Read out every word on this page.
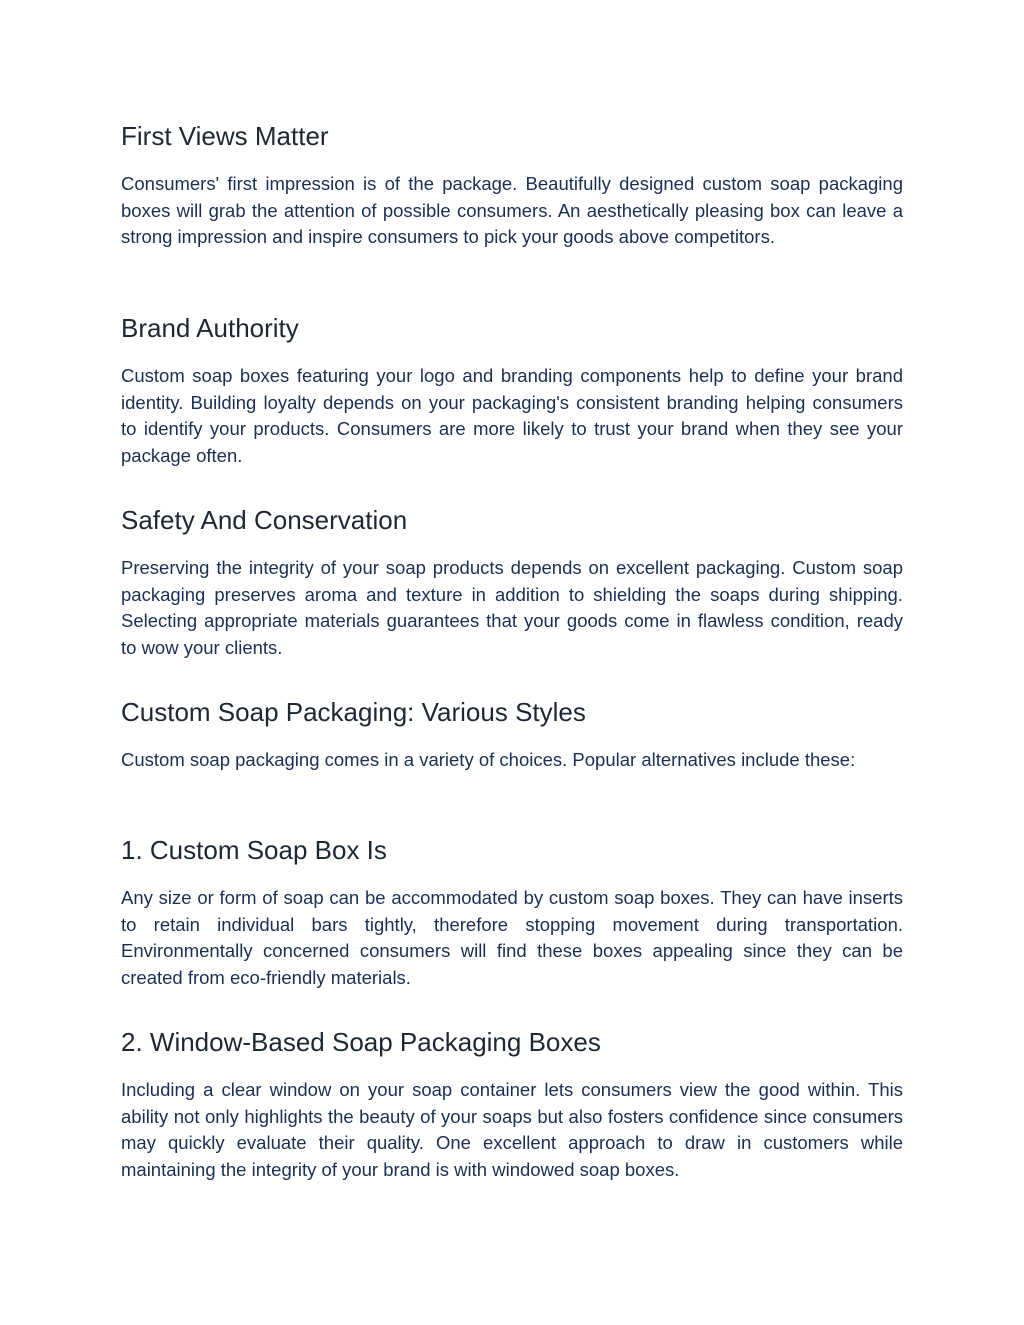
First Views Matter

Consumers' first impression is of the package. Beautifully designed custom soap packaging boxes will grab the attention of possible consumers. An aesthetically pleasing box can leave a strong impression and inspire consumers to pick your goods above competitors.

Brand Authority

Custom soap boxes featuring your logo and branding components help to define your brand identity. Building loyalty depends on your packaging's consistent branding helping consumers to identify your products. Consumers are more likely to trust your brand when they see your package often.

Safety And Conservation

Preserving the integrity of your soap products depends on excellent packaging. Custom soap packaging preserves aroma and texture in addition to shielding the soaps during shipping. Selecting appropriate materials guarantees that your goods come in flawless condition, ready to wow your clients.

Custom Soap Packaging: Various Styles

Custom soap packaging comes in a variety of choices. Popular alternatives include these:

1. Custom Soap Box Is

Any size or form of soap can be accommodated by custom soap boxes. They can have inserts to retain individual bars tightly, therefore stopping movement during transportation. Environmentally concerned consumers will find these boxes appealing since they can be created from eco-friendly materials.

2. Window-Based Soap Packaging Boxes

Including a clear window on your soap container lets consumers view the good within. This ability not only highlights the beauty of your soaps but also fosters confidence since consumers may quickly evaluate their quality. One excellent approach to draw in customers while maintaining the integrity of your brand is with windowed soap boxes.
